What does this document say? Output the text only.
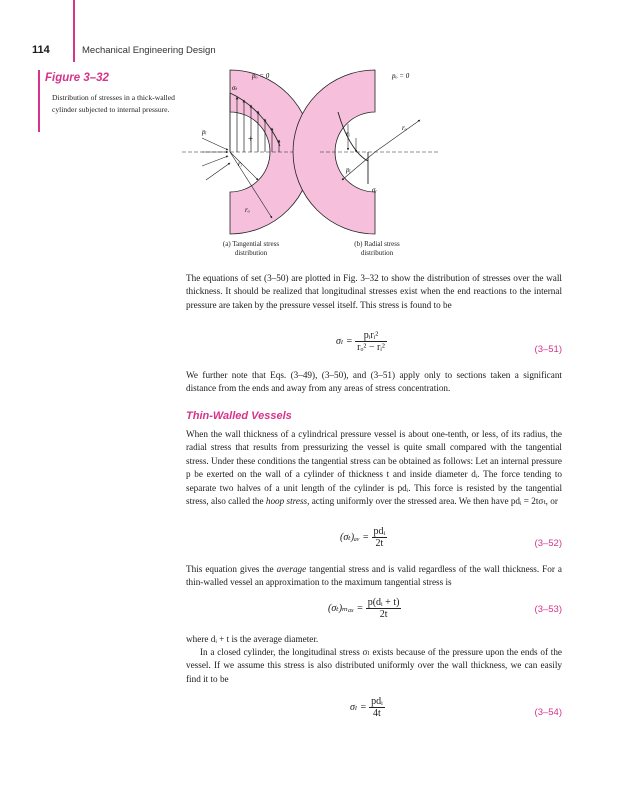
114	Mechanical Engineering Design
Figure 3–32
Distribution of stresses in a thick-walled cylinder subjected to internal pressure.
pₒ = 0
σₜ
pᵢ
+
rᵢ
rₒ
pₒ = 0
rₒ
rᵢ
pᵢ
σᵣ
(a) Tangential stress
distribution
(b) Radial stress
distribution

The equations of set (3–50) are plotted in Fig. 3–32 to show the distribution of stresses over the wall thickness. It should be realized that longitudinal stresses exist when the end reactions to the internal pressure are taken by the pressure vessel itself. This stress is found to be

$\sigma_l = \frac{\text{pᵢrᵢ²}}{\text{rₒ² − rᵢ²}}$	(3–51)

We further note that Eqs. (3–49), (3–50), and (3–51) apply only to sections taken a significant distance from the ends and away from any areas of stress concentration.

Thin-Walled Vessels

When the wall thickness of a cylindrical pressure vessel is about one-tenth, or less, of its radius, the radial stress that results from pressurizing the vessel is quite small compared with the tangential stress. Under these conditions the tangential stress can be obtained as follows: Let an internal pressure p be exerted on the wall of a cylinder of thickness t and inside diameter dᵢ. The force tending to separate two halves of a unit length of the cylinder is pdᵢ. This force is resisted by the tangential stress, also called the hoop stress, acting uniformly over the stressed area. We then have pdᵢ = 2tσₜ, or

(σₜ)ₐᵥ = $\frac{\text{pdᵢ}}{2t}$	(3–52)

This equation gives the average tangential stress and is valid regardless of the wall thickness. For a thin-walled vessel an approximation to the maximum tangential stress is

$(\sigma_t)_{max} = \frac{\text{p(dᵢ + t)}}{2t}$	(3–53)

where dᵢ + t is the average diameter.

In a closed cylinder, the longitudinal stress σₗ exists because of the pressure upon the ends of the vessel. If we assume this stress is also distributed uniformly over the wall thickness, we can easily find it to be

$\sigma_l = \frac{\text{pdᵢ}}{4t}$	(3–54)
